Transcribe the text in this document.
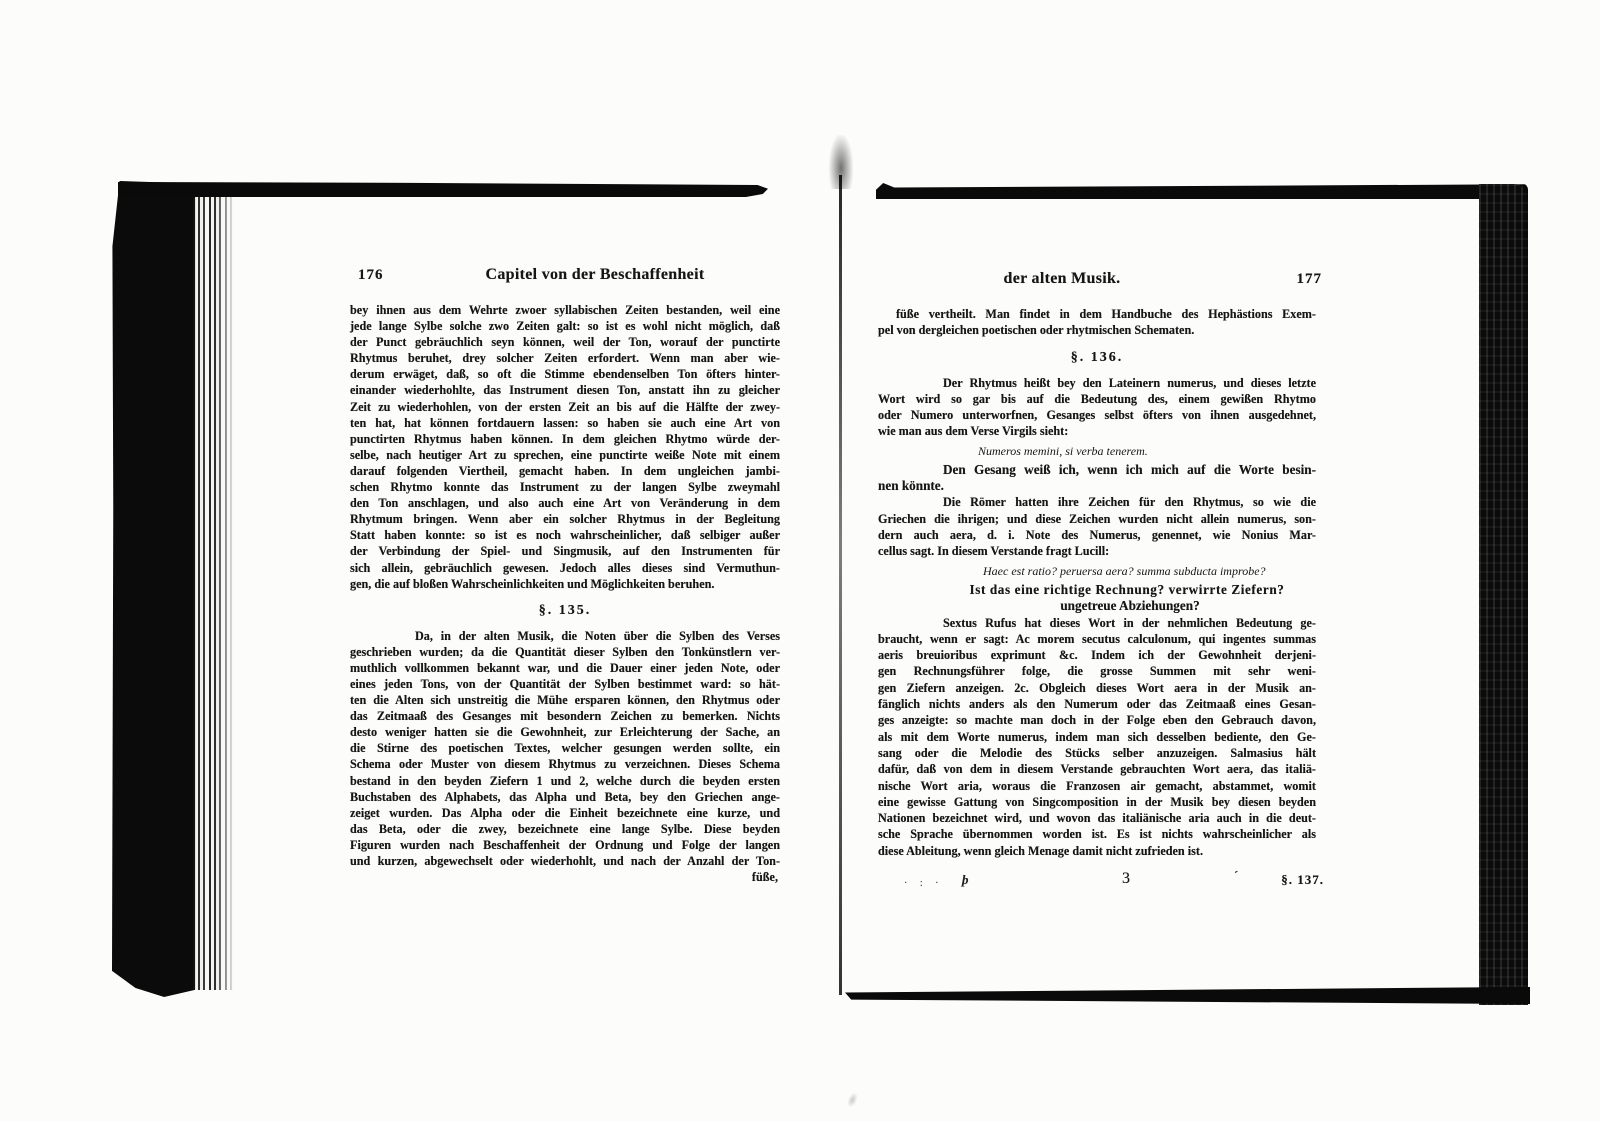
176	Capitel von der Beschaffenheit
bey ihnen aus dem Wehrte zwoer syllabischen Zeiten bestanden, weil eine
jede lange Sylbe solche zwo Zeiten galt: so ist es wohl nicht möglich, daß
der Punct gebräuchlich seyn können, weil der Ton, worauf der punctirte
Rhytmus beruhet, drey solcher Zeiten erfordert. Wenn man aber wie-
derum erwäget, daß, so oft die Stimme ebendenselben Ton öfters hinter-
einander wiederhohlte, das Instrument diesen Ton, anstatt ihn zu gleicher
Zeit zu wiederhohlen, von der ersten Zeit an bis auf die Hälfte der zwey-
ten hat, hat können fortdauern lassen: so haben sie auch eine Art von
punctirten Rhytmus haben können. In dem gleichen Rhytmo würde der-
selbe, nach heutiger Art zu sprechen, eine punctirte weiße Note mit einem
darauf folgenden Viertheil, gemacht haben. In dem ungleichen jambi-
schen Rhytmo konnte das Instrument zu der langen Sylbe zweymahl
den Ton anschlagen, und also auch eine Art von Veränderung in dem
Rhytmum bringen. Wenn aber ein solcher Rhytmus in der Begleitung
Statt haben konnte: so ist es noch wahrscheinlicher, daß selbiger außer
der Verbindung der Spiel- und Singmusik, auf den Instrumenten für
sich allein, gebräuchlich gewesen. Jedoch alles dieses sind Vermuthun-
gen, die auf bloßen Wahrscheinlichkeiten und Möglichkeiten beruhen.
§. 135.
Da, in der alten Musik, die Noten über die Sylben des Verses
geschrieben wurden; da die Quantität dieser Sylben den Tonkünstlern ver-
muthlich vollkommen bekannt war, und die Dauer einer jeden Note, oder
eines jeden Tons, von der Quantität der Sylben bestimmet ward: so hät-
ten die Alten sich unstreitig die Mühe ersparen können, den Rhytmus oder
das Zeitmaaß des Gesanges mit besondern Zeichen zu bemerken. Nichts
desto weniger hatten sie die Gewohnheit, zur Erleichterung der Sache, an
die Stirne des poetischen Textes, welcher gesungen werden sollte, ein
Schema oder Muster von diesem Rhytmus zu verzeichnen. Dieses Schema
bestand in den beyden Ziefern 1 und 2, welche durch die beyden ersten
Buchstaben des Alphabets, das Alpha und Beta, bey den Griechen ange-
zeiget wurden. Das Alpha oder die Einheit bezeichnete eine kurze, und
das Beta, oder die zwey, bezeichnete eine lange Sylbe. Diese beyden
Figuren wurden nach Beschaffenheit der Ordnung und Folge der langen
und kurzen, abgewechselt oder wiederhohlt, und nach der Anzahl der Ton-
füße,
der alten Musik.	177
füße vertheilt. Man findet in dem Handbuche des Hephästions Exem-
pel von dergleichen poetischen oder rhytmischen Schematen.
§. 136.
Der Rhytmus heißt bey den Lateinern numerus, und dieses letzte
Wort wird so gar bis auf die Bedeutung des, einem gewißen Rhytmo
oder Numero unterworfnen, Gesanges selbst öfters von ihnen ausgedehnet,
wie man aus dem Verse Virgils sieht:
Numeros memini, si verba tenerem.
Den Gesang weiß ich, wenn ich mich auf die Worte besin-
nen könnte.
Die Römer hatten ihre Zeichen für den Rhytmus, so wie die
Griechen die ihrigen; und diese Zeichen wurden nicht allein numerus, son-
dern auch aera, d. i. Note des Numerus, genennet, wie Nonius Mar-
cellus sagt. In diesem Verstande fragt Lucill:
Haec est ratio? peruersa aera? summa subducta improbe?
Ist das eine richtige Rechnung? verwirrte Ziefern?
ungetreue Abziehungen?
Sextus Rufus hat dieses Wort in der nehmlichen Bedeutung ge-
braucht, wenn er sagt: Ac morem secutus calculonum, qui ingentes summas
aeris breuioribus exprimunt &c. Indem ich der Gewohnheit derjeni-
gen Rechnungsführer folge, die grosse Summen mit sehr weni-
gen Ziefern anzeigen. 2c. Obgleich dieses Wort aera in der Musik an-
fänglich nichts anders als den Numerum oder das Zeitmaaß eines Gesan-
ges anzeigte: so machte man doch in der Folge eben den Gebrauch davon,
als mit dem Worte numerus, indem man sich desselben bediente, den Ge-
sang oder die Melodie des Stücks selber anzuzeigen. Salmasius hält
dafür, daß von dem in diesem Verstande gebrauchten Wort aera, das italiä-
nische Wort aria, woraus die Franzosen air gemacht, abstammet, womit
eine gewisse Gattung von Singcomposition in der Musik bey diesen beyden
Nationen bezeichnet wird, und wovon das italiänische aria auch in die deut-
sche Sprache übernommen worden ist. Es ist nichts wahrscheinlicher als
diese Ableitung, wenn gleich Menage damit nicht zufrieden ist.
· : · þ	3	´	§. 137.
